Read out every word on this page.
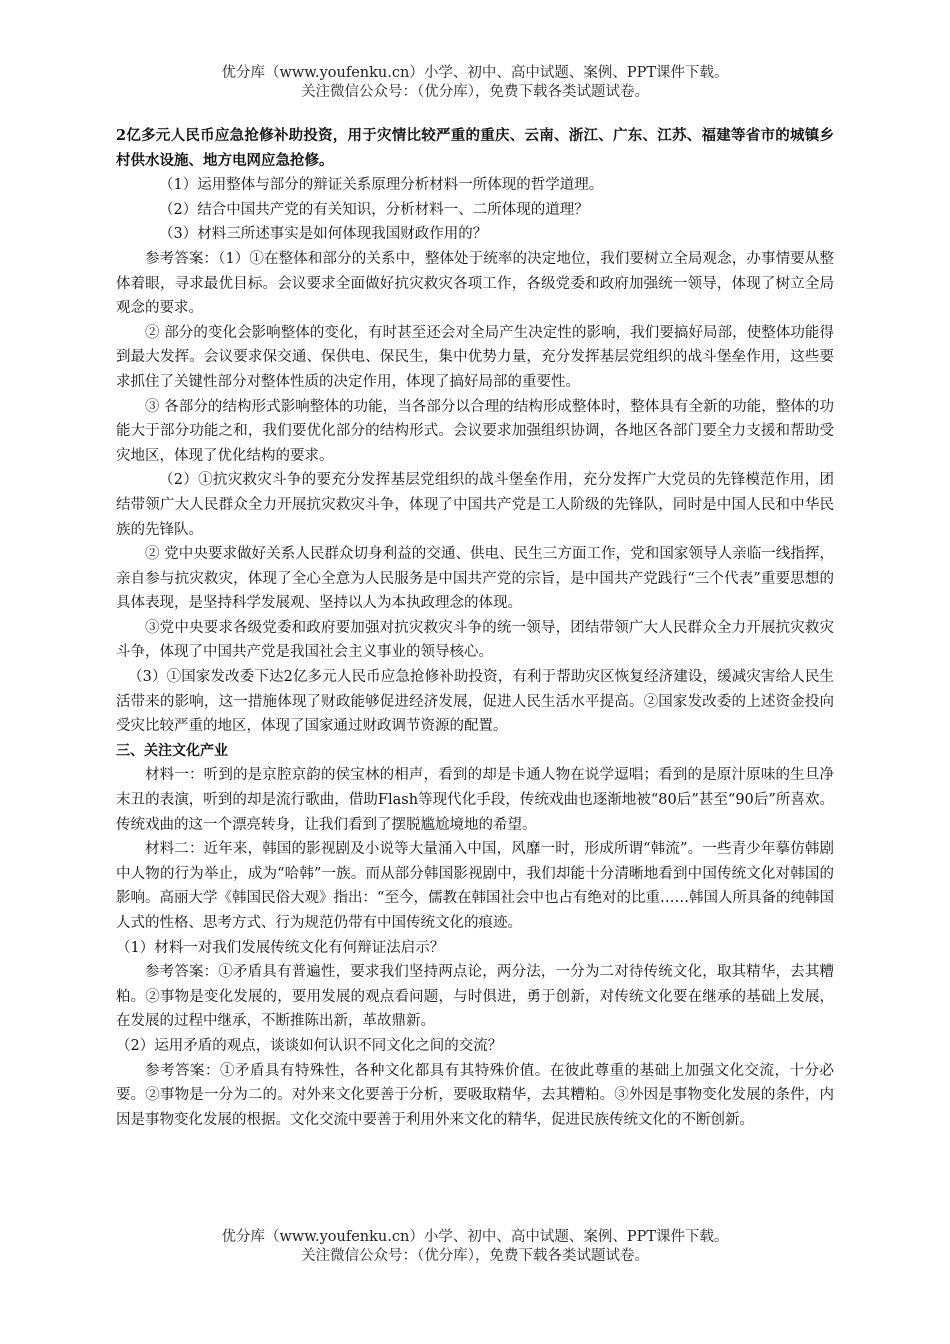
优分库（www.youfenku.cn）小学、初中、高中试题、案例、PPT课件下载。
关注微信公众号：（优分库），免费下载各类试题试卷。

2亿多元人民币应急抢修补助投资，用于灾情比较严重的重庆、云南、浙江、广东、江苏、福建等省市的城镇乡村供水设施、地方电网应急抢修。

（1）运用整体与部分的辩证关系原理分析材料一所体现的哲学道理。

（2）结合中国共产党的有关知识，分析材料一、二所体现的道理？

（3）材料三所述事实是如何体现我国财政作用的？

参考答案：（1）①在整体和部分的关系中，整体处于统率的决定地位，我们要树立全局观念，办事情要从整体着眼，寻求最优目标。会议要求全面做好抗灾救灾各项工作，各级党委和政府加强统一领导，体现了树立全局观念的要求。

② 部分的变化会影响整体的变化，有时甚至还会对全局产生决定性的影响，我们要搞好局部，使整体功能得到最大发挥。会议要求保交通、保供电、保民生，集中优势力量，充分发挥基层党组织的战斗堡垒作用，这些要求抓住了关键性部分对整体性质的决定作用，体现了搞好局部的重要性。

③ 各部分的结构形式影响整体的功能，当各部分以合理的结构形成整体时，整体具有全新的功能，整体的功能大于部分功能之和，我们要优化部分的结构形式。会议要求加强组织协调，各地区各部门要全力支援和帮助受灾地区，体现了优化结构的要求。

（2）①抗灾救灾斗争的要充分发挥基层党组织的战斗堡垒作用，充分发挥广大党员的先锋模范作用，团结带领广大人民群众全力开展抗灾救灾斗争，体现了中国共产党是工人阶级的先锋队，同时是中国人民和中华民族的先锋队。

② 党中央要求做好关系人民群众切身利益的交通、供电、民生三方面工作，党和国家领导人亲临一线指挥，亲自参与抗灾救灾，体现了全心全意为人民服务是中国共产党的宗旨，是中国共产党践行“三个代表”重要思想的具体表现，是坚持科学发展观、坚持以人为本执政理念的体现。

③党中央要求各级党委和政府要加强对抗灾救灾斗争的统一领导，团结带领广大人民群众全力开展抗灾救灾斗争，体现了中国共产党是我国社会主义事业的领导核心。

（3）①国家发改委下达2亿多元人民币应急抢修补助投资，有利于帮助灾区恢复经济建设，缓减灾害给人民生活带来的影响，这一措施体现了财政能够促进经济发展，促进人民生活水平提高。②国家发改委的上述资金投向受灾比较严重的地区，体现了国家通过财政调节资源的配置。

三、关注文化产业

材料一：听到的是京腔京韵的侯宝林的相声，看到的却是卡通人物在说学逗唱；看到的是原汁原味的生旦净末丑的表演，听到的却是流行歌曲，借助Flash等现代化手段，传统戏曲也逐渐地被“80后”甚至“90后”所喜欢。传统戏曲的这一个漂亮转身，让我们看到了摆脱尴尬境地的希望。

材料二：近年来，韩国的影视剧及小说等大量涌入中国，风靡一时，形成所谓“韩流”。一些青少年摹仿韩剧中人物的行为举止，成为“哈韩”一族。而从部分韩国影视剧中，我们却能十分清晰地看到中国传统文化对韩国的影响。高丽大学《韩国民俗大观》指出：“至今，儒教在韩国社会中也占有绝对的比重……韩国人所具备的纯韩国人式的性格、思考方式、行为规范仍带有中国传统文化的痕迹。

（1）材料一对我们发展传统文化有何辩证法启示？

参考答案：①矛盾具有普遍性，要求我们坚持两点论，两分法，一分为二对待传统文化，取其精华，去其糟粕。②事物是变化发展的，要用发展的观点看问题，与时俱进，勇于创新，对传统文化要在继承的基础上发展，在发展的过程中继承，不断推陈出新，革故鼎新。

（2）运用矛盾的观点，谈谈如何认识不同文化之间的交流？

参考答案：①矛盾具有特殊性，各种文化都具有其特殊价值。在彼此尊重的基础上加强文化交流，十分必要。②事物是一分为二的。对外来文化要善于分析，要吸取精华，去其糟粕。③外因是事物变化发展的条件，内因是事物变化发展的根据。文化交流中要善于利用外来文化的精华，促进民族传统文化的不断创新。

优分库（www.youfenku.cn）小学、初中、高中试题、案例、PPT课件下载。
关注微信公众号：（优分库），免费下载各类试题试卷。
